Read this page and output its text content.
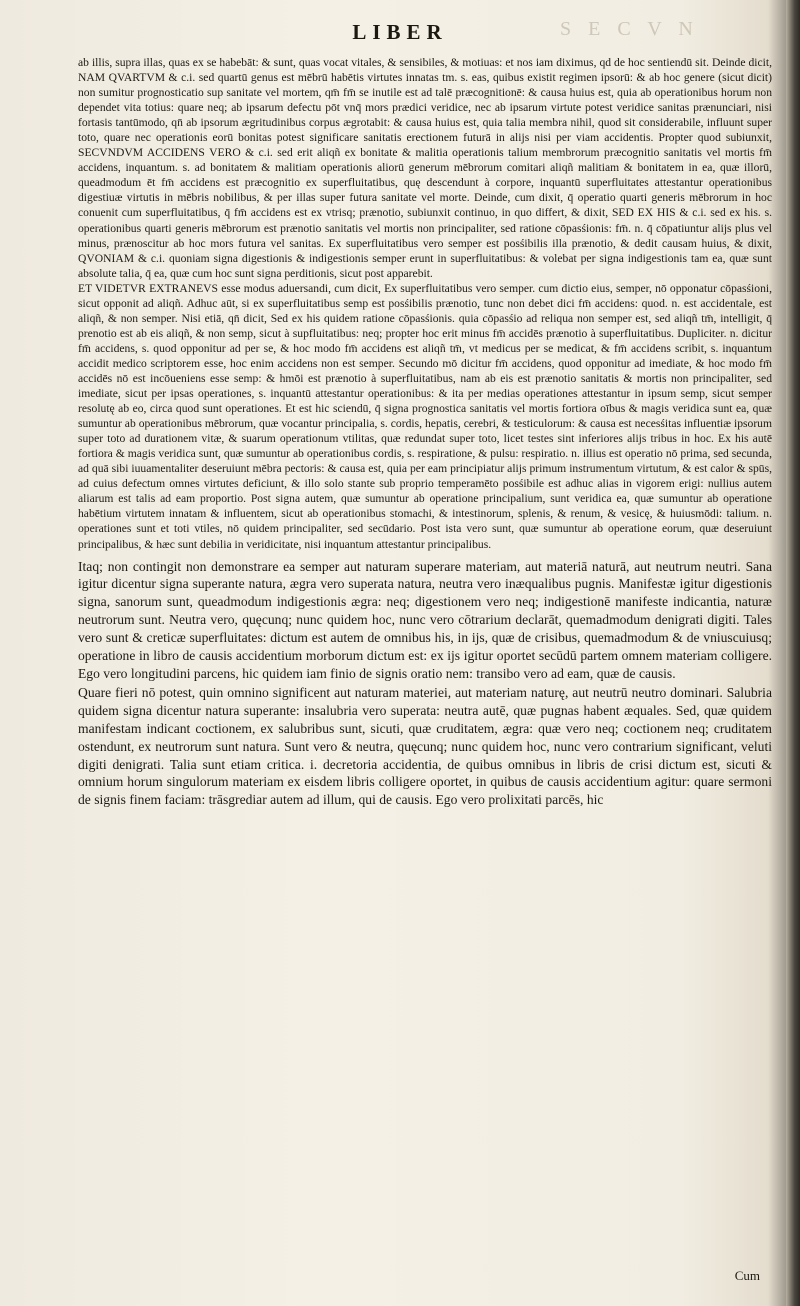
S E C V N
LIBER

ab illis, supra illas, quas ex se habebāt: & sunt, quas vocat vitales, & sensibiles, & motiuas: et nos iam diximus, qd de hoc sentiendū sit. Deinde dicit, NAM QVARTVM & c.i. sed quartū genus est mēbrū habētis virtutes innatas tm. s. eas, quibus existit regimen ipsorū: & ab hoc genere (sicut dicit) non sumitur prognosticatio sup sanitate vel mortem, qm̄ fm̄ se inutile est ad talē præcognitionē: & causa huius est, quia ab operationibus horum non dependet vita totius: quare neq; ab ipsarum defectu pōt vnq̄ mors prædici veridice, nec ab ipsarum virtute potest veridice sanitas prænunciari, nisi fortasis tantūmodo, qn̄ ab ipsorum ægritudinibus corpus ægrotabit: & causa huius est, quia talia membra nihil, quod sit considerabile, influunt super toto, quare nec operationis eorū bonitas potest significare sanitatis erectionem futurā in alijs nisi per viam accidentis. Propter quod subiunxit, SECVNDVM ACCIDENS VERO & c.i. sed erit aliqñ ex bonitate & malitia operationis talium membrorum præcognitio sanitatis vel mortis fm̄ accidens, inquantum. s. ad bonitatem & malitiam operationis aliorū generum mēbrorum comitari aliqñ malitiam & bonitatem in ea, quæ illorū, queadmodum ēt fm̄ accidens est præcognitio ex superfluitatibus, quę descendunt à corpore, inquantū superfluitates attestantur operationibus digestiuæ virtutis in mēbris nobilibus, & per illas super futura sanitate vel morte. Deinde, cum dixit, q̄ operatio quarti generis mēbrorum in hoc conuenit cum superfluitatibus, q̄ fm̄ accidens est ex vtrisq; prænotio, subiunxit continuo, in quo differt, & dixit, SED EX HIS & c.i. sed ex his. s. operationibus quarti generis mēbrorum est prænotio sanitatis vel mortis non principaliter, sed ratione cōpasśionis: fm̄. n. q̄ cōpatiuntur alijs plus vel minus, prænoscitur ab hoc mors futura vel sanitas. Ex superfluitatibus vero semper est posśibilis illa prænotio, & dedit causam huius, & dixit, QVONIAM & c.i. quoniam signa digestionis & indigestionis semper erunt in superfluitatibus: & volebat per signa indigestionis tam ea, quæ sunt absolute talia, q̄ ea, quæ cum hoc sunt signa perditionis, sicut post apparebit.

ET VIDETVR EXTRANEVS esse modus aduersandi, cum dicit, Ex superfluitatibus vero semper. cum dictio eius, semper, nō opponatur cōpasśioni, sicut opponit ad aliqñ. Adhuc aūt, si ex superfluitatibus semp est posśibilis prænotio, tunc non debet dici fm̄ accidens: quod. n. est accidentale, est aliqñ, & non semper. Nisi etiā, qn̄ dicit, Sed ex his quidem ratione cōpasśionis. quia cōpasśio ad reliqua non semper est, sed aliqñ tm̄, intelligit, q̄ prenotio est ab eis aliqñ, & non semp, sicut à supfluitatibus: neq; propter hoc erit minus fm̄ accidēs prænotio à superfluitatibus. Dupliciter. n. dicitur fm̄ accidens, s. quod opponitur ad per se, & hoc modo fm̄ accidens est aliqñ tm̄, vt medicus per se medicat, & fm̄ accidens scribit, s. inquantum accidit medico scriptorem esse, hoc enim accidens non est semper. Secundo mō dicitur fm̄ accidens, quod opponitur ad imediate, & hoc modo fm̄ accidēs nō est incōueniens esse semp: & hmōi est prænotio à superfluitatibus, nam ab eis est prænotio sanitatis & mortis non principaliter, sed imediate, sicut per ipsas operationes, s. inquantū attestantur operationibus: & ita per medias operationes attestantur in ipsum semp, sicut semper resolutę ab eo, circa quod sunt operationes. Et est hic sciendū, q̄ signa prognostica sanitatis vel mortis fortiora oībus & magis veridica sunt ea, quæ sumuntur ab operationibus mēbrorum, quæ vocantur principalia, s. cordis, hepatis, cerebri, & testiculorum: & causa est necesśitas influentiæ ipsorum super toto ad durationem vitæ, & suarum operationum vtilitas, quæ redundat super toto, licet testes sint inferiores alijs tribus in hoc. Ex his autē fortiora & magis veridica sunt, quæ sumuntur ab operationibus cordis, s. respiratione, & pulsu: respiratio. n. illius est operatio nō prima, sed secunda, ad quā sibi iuuamentaliter deseruiunt mēbra pectoris: & causa est, quia per eam principiatur alijs primum instrumentum virtutum, & est calor & spūs, ad cuius defectum omnes virtutes deficiunt, & illo solo stante sub proprio temperamēto posśibile est adhuc alias in vigorem erigi: nullius autem aliarum est talis ad eam proportio. Post signa autem, quæ sumuntur ab operatione principalium, sunt veridica ea, quæ sumuntur ab operatione habētium virtutem innatam & influentem, sicut ab operationibus stomachi, & intestinorum, splenis, & renum, & vesicę, & huiusmōdi: talium. n. operationes sunt et toti vtiles, nō quidem principaliter, sed secūdario. Post ista vero sunt, quæ sumuntur ab operatione eorum, quæ deseruiunt principalibus, & hæc sunt debilia in veridicitate, nisi inquantum attestantur principalibus.

Itaq; non contingit non demonstrare ea semper aut naturam superare materiam, aut materiā naturā, aut neutrum neutri. Sana igitur dicentur signa superante natura, ægra vero superata natura, neutra vero inæqualibus pugnis. Manifestæ igitur digestionis signa, sanorum sunt, queadmodum indigestionis ægra: neq; digestionem vero neq; indigestionē manifeste indicantia, naturæ neutrorum sunt. Neutra vero, quęcunq; nunc quidem hoc, nunc vero cōtrarium declarāt, quemadmodum denigrati digiti. Tales vero sunt & creticæ superfluitates: dictum est autem de omnibus his, in ijs, quæ de crisibus, quemadmodum & de vniuscuiusq; operatione in libro de causis accidentium morborum dictum est: ex ijs igitur oportet secūdū partem omnem materiam colligere. Ego vero longitudini parcens, hic quidem iam finio de signis oratio nem: transibo vero ad eam, quæ de causis.

Quare fieri nō potest, quin omnino significent aut naturam materiei, aut materiam naturę, aut neutrū neutro dominari. Salubria quidem signa dicentur natura superante: insalubria vero superata: neutra autē, quæ pugnas habent æquales. Sed, quæ quidem manifestam indicant coctionem, ex salubribus sunt, sicuti, quæ cruditatem, ægra: quæ vero neq; coctionem neq; cruditatem ostendunt, ex neutrorum sunt natura. Sunt vero & neutra, quęcunq; nunc quidem hoc, nunc vero contrarium significant, veluti digiti denigrati. Talia sunt etiam critica. i. decretoria accidentia, de quibus omnibus in libris de crisi dictum est, sicuti & omnium horum singulorum materiam ex eisdem libris colligere oportet, in quibus de causis accidentium agitur: quare sermoni de signis finem faciam: trāsgrediar autem ad illum, qui de causis. Ego vero prolixitati parcēs, hic

Cum
